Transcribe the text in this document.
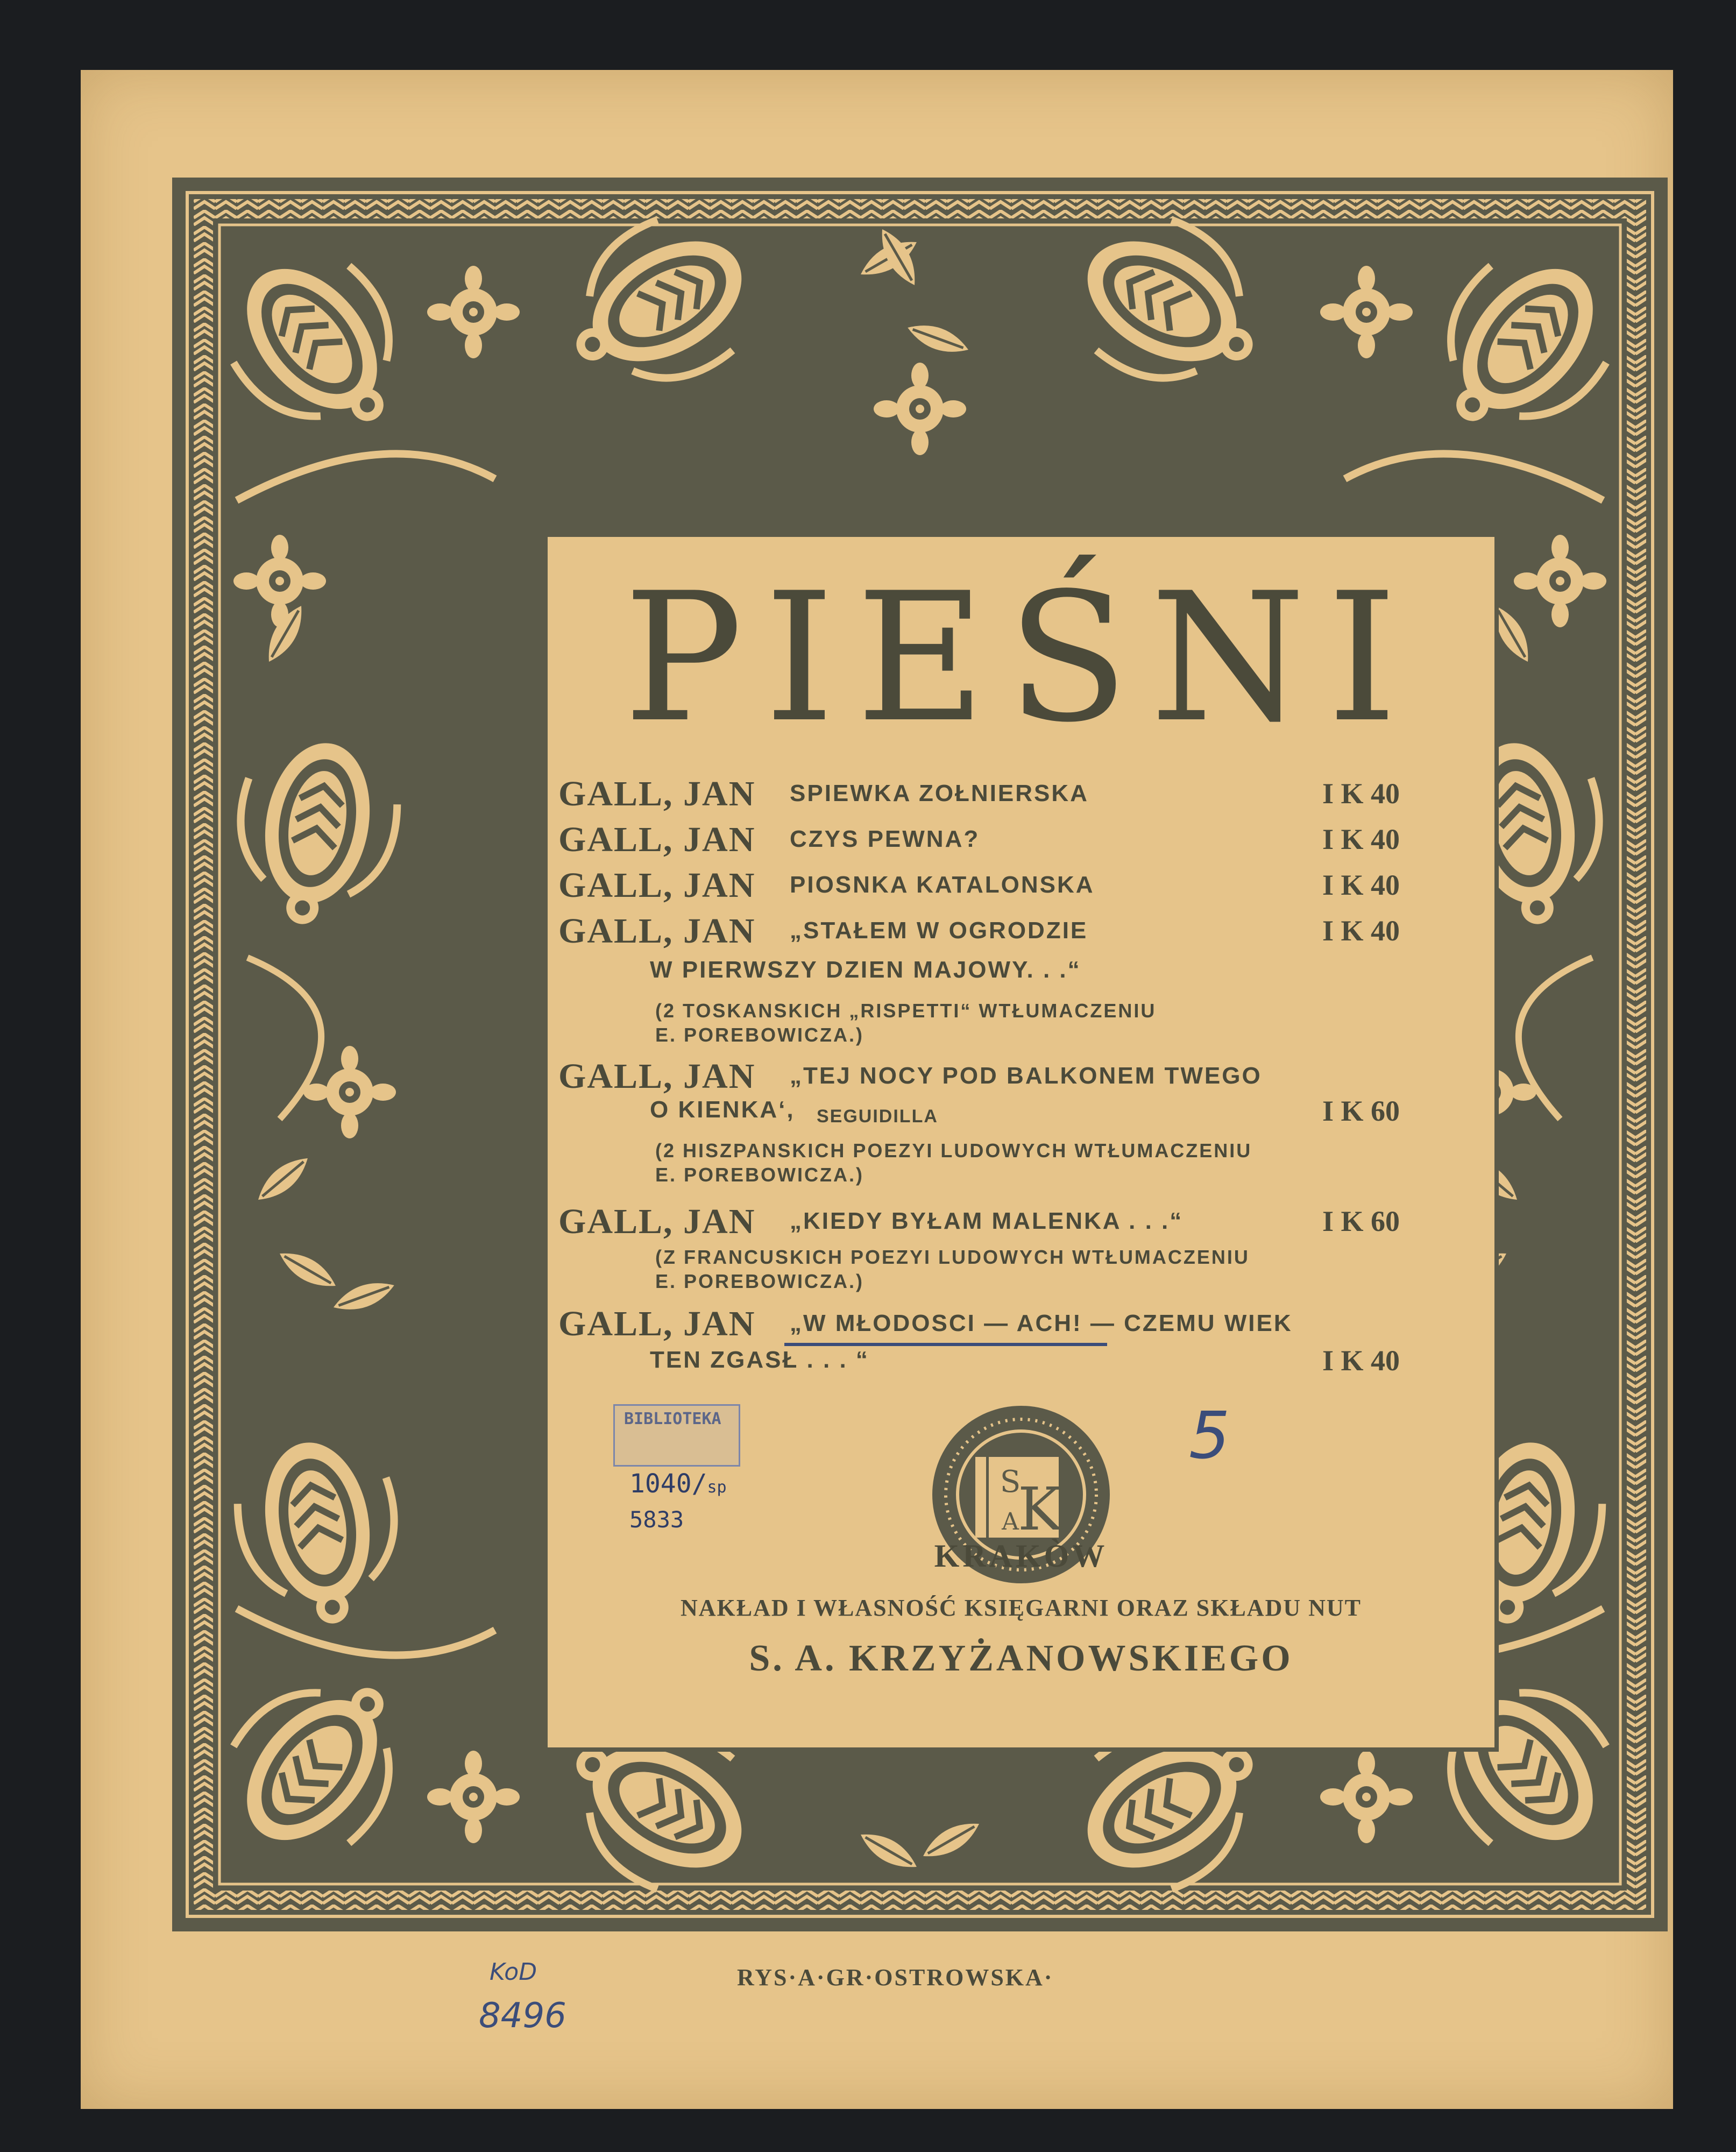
PIEŚNI
GALL, JAN SPIEWKA ZOŁNIERSKA	I K 40
GALL, JAN CZYS PEWNA?	I K 40
GALL, JAN PIOSNKA KATALONSKA	I K 40
GALL, JAN „STAŁEM W OGRODZIE	I K 40
W PIERWSZY DZIEN MAJOWY. . .“
(2 TOSKANSKICH „RISPETTI“ WTŁUMACZENIU
E. POREBOWICZA.)
GALL, JAN „TEJ NOCY POD BALKONEM TWEGO
O KIENKA‘, SEGUIDILLA	I K 60
(2 HISZPANSKICH POEZYI LUDOWYCH WTŁUMACZENIU
E. POREBOWICZA.)
GALL, JAN „KIEDY BYŁAM MALENKA . . .“	I K 60
(Z FRANCUSKICH POEZYI LUDOWYCH WTŁUMACZENIU
E. POREBOWICZA.)
GALL, JAN „W MŁODOSCI — ACH! — CZEMU WIEK
TEN ZGASŁ . . . “	I K 40
S
K
A
KRAKÒW
NAKŁAD I WŁASNOŚĆ KSIĘGARNI ORAZ SKŁADU NUT
S. A. KRZYŻANOWSKIEGO
BIBLIOTEKA
1040/sp
5833
5
KoD
8496
RYS·A·GR·OSTROWSKA·
